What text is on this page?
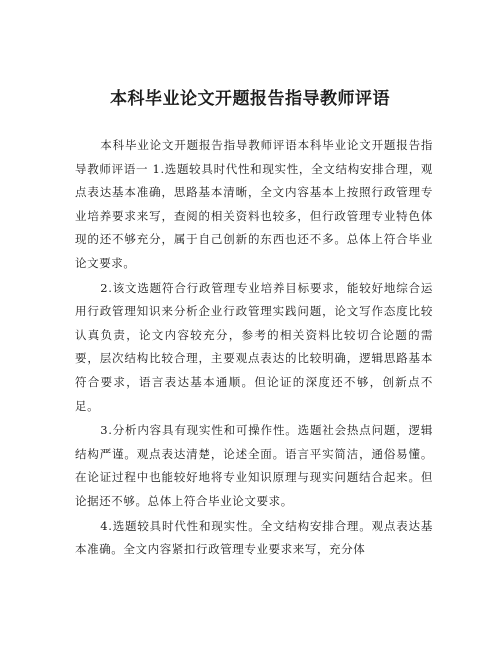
本科毕业论文开题报告指导教师评语

本科毕业论文开题报告指导教师评语本科毕业论文开题报告指导教师评语一 1.选题较具时代性和现实性，全文结构安排合理，观点表达基本准确，思路基本清晰，全文内容基本上按照行政管理专业培养要求来写，查阅的相关资料也较多，但行政管理专业特色体现的还不够充分，属于自己创新的东西也还不多。总体上符合毕业论文要求。

2.该文选题符合行政管理专业培养目标要求，能较好地综合运用行政管理知识来分析企业行政管理实践问题，论文写作态度比较认真负责，论文内容较充分，参考的相关资料比较切合论题的需要，层次结构比较合理，主要观点表达的比较明确，逻辑思路基本符合要求，语言表达基本通顺。但论证的深度还不够，创新点不足。

3.分析内容具有现实性和可操作性。选题社会热点问题，逻辑结构严谨。观点表达清楚，论述全面。语言平实简洁，通俗易懂。在论证过程中也能较好地将专业知识原理与现实问题结合起来。但论据还不够。总体上符合毕业论文要求。

4.选题较具时代性和现实性。全文结构安排合理。观点表达基本准确。全文内容紧扣行政管理专业要求来写，充分体
